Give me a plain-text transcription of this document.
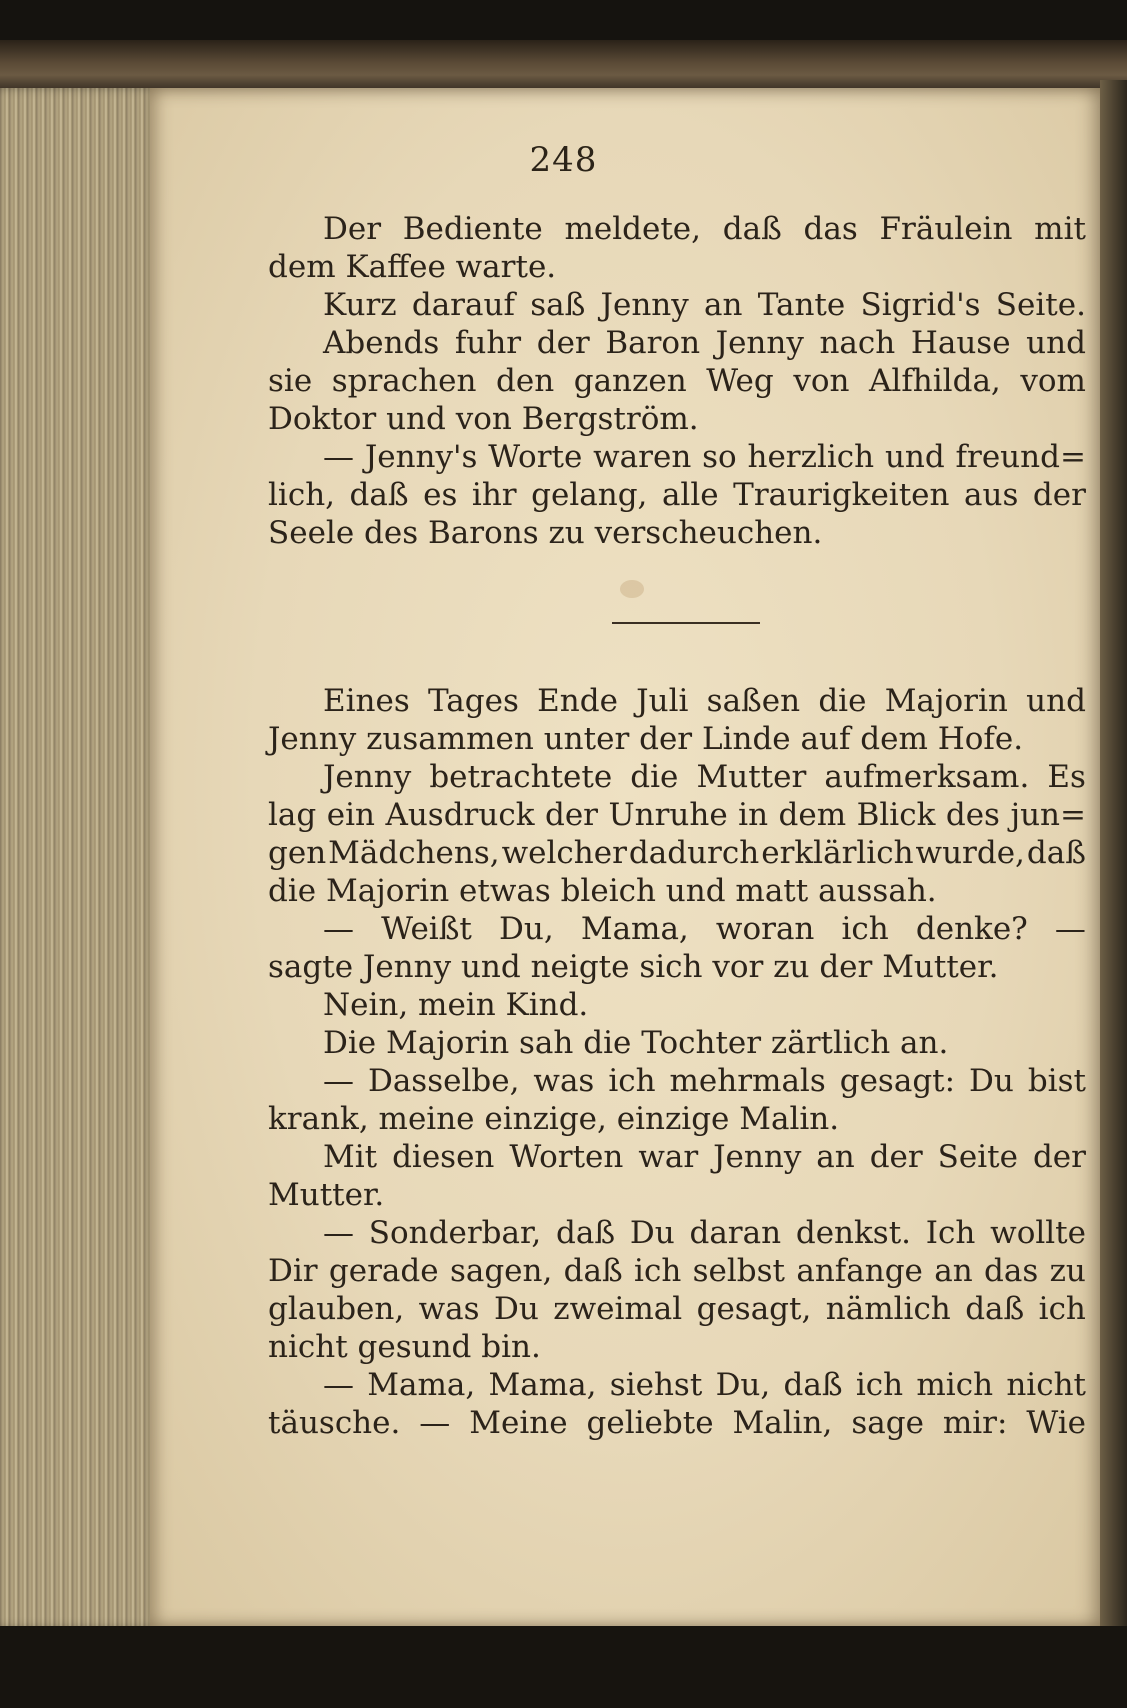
248
Der Bediente meldete, daß das Fräulein mit
dem Kaffee warte.
Kurz darauf saß Jenny an Tante Sigrid's Seite.
Abends fuhr der Baron Jenny nach Hause und
sie sprachen den ganzen Weg von Alfhilda, vom
Doktor und von Bergström.
— Jenny's Worte waren so herzlich und freund=
lich, daß es ihr gelang, alle Traurigkeiten aus der
Seele des Barons zu verscheuchen.
Eines Tages Ende Juli saßen die Majorin und
Jenny zusammen unter der Linde auf dem Hofe.
Jenny betrachtete die Mutter aufmerksam. Es
lag ein Ausdruck der Unruhe in dem Blick des jun=
gen Mädchens, welcher dadurch erklärlich wurde, daß
die Majorin etwas bleich und matt aussah.
— Weißt Du, Mama, woran ich denke? —
sagte Jenny und neigte sich vor zu der Mutter.
Nein, mein Kind.
Die Majorin sah die Tochter zärtlich an.
— Dasselbe, was ich mehrmals gesagt: Du bist
krank, meine einzige, einzige Malin.
Mit diesen Worten war Jenny an der Seite der
Mutter.
— Sonderbar, daß Du daran denkst. Ich wollte
Dir gerade sagen, daß ich selbst anfange an das zu
glauben, was Du zweimal gesagt, nämlich daß ich
nicht gesund bin.
— Mama, Mama, siehst Du, daß ich mich nicht
täusche. — Meine geliebte Malin, sage mir: Wie
